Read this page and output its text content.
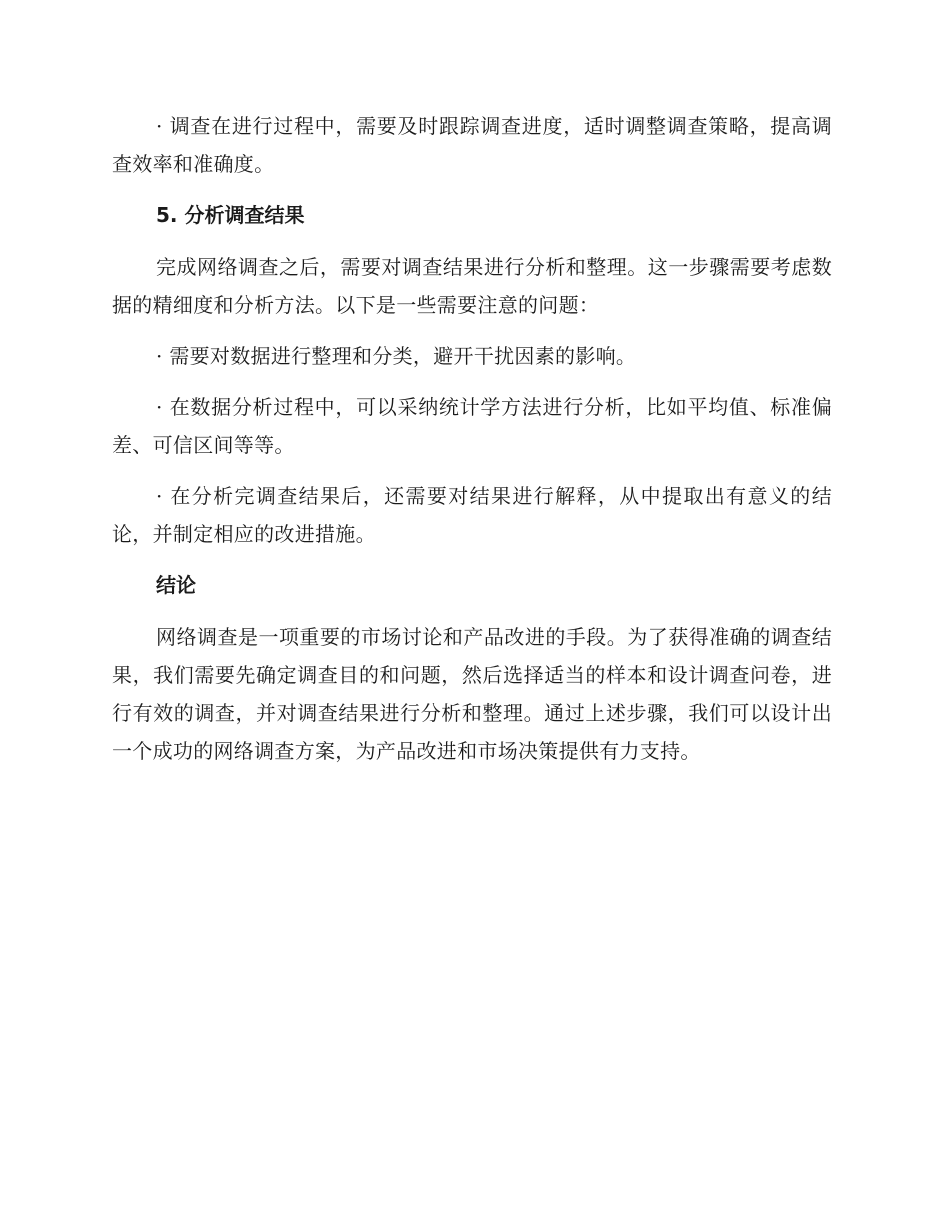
· 调查在进行过程中，需要及时跟踪调查进度，适时调整调查策略，提高调查效率和准确度。

5. 分析调查结果

完成网络调查之后，需要对调查结果进行分析和整理。这一步骤需要考虑数据的精细度和分析方法。以下是一些需要注意的问题：

· 需要对数据进行整理和分类，避开干扰因素的影响。

· 在数据分析过程中，可以采纳统计学方法进行分析，比如平均值、标准偏差、可信区间等等。

· 在分析完调查结果后，还需要对结果进行解释，从中提取出有意义的结论，并制定相应的改进措施。

结论

网络调查是一项重要的市场讨论和产品改进的手段。为了获得准确的调查结果，我们需要先确定调查目的和问题，然后选择适当的样本和设计调查问卷，进行有效的调查，并对调查结果进行分析和整理。通过上述步骤，我们可以设计出一个成功的网络调查方案，为产品改进和市场决策提供有力支持。
